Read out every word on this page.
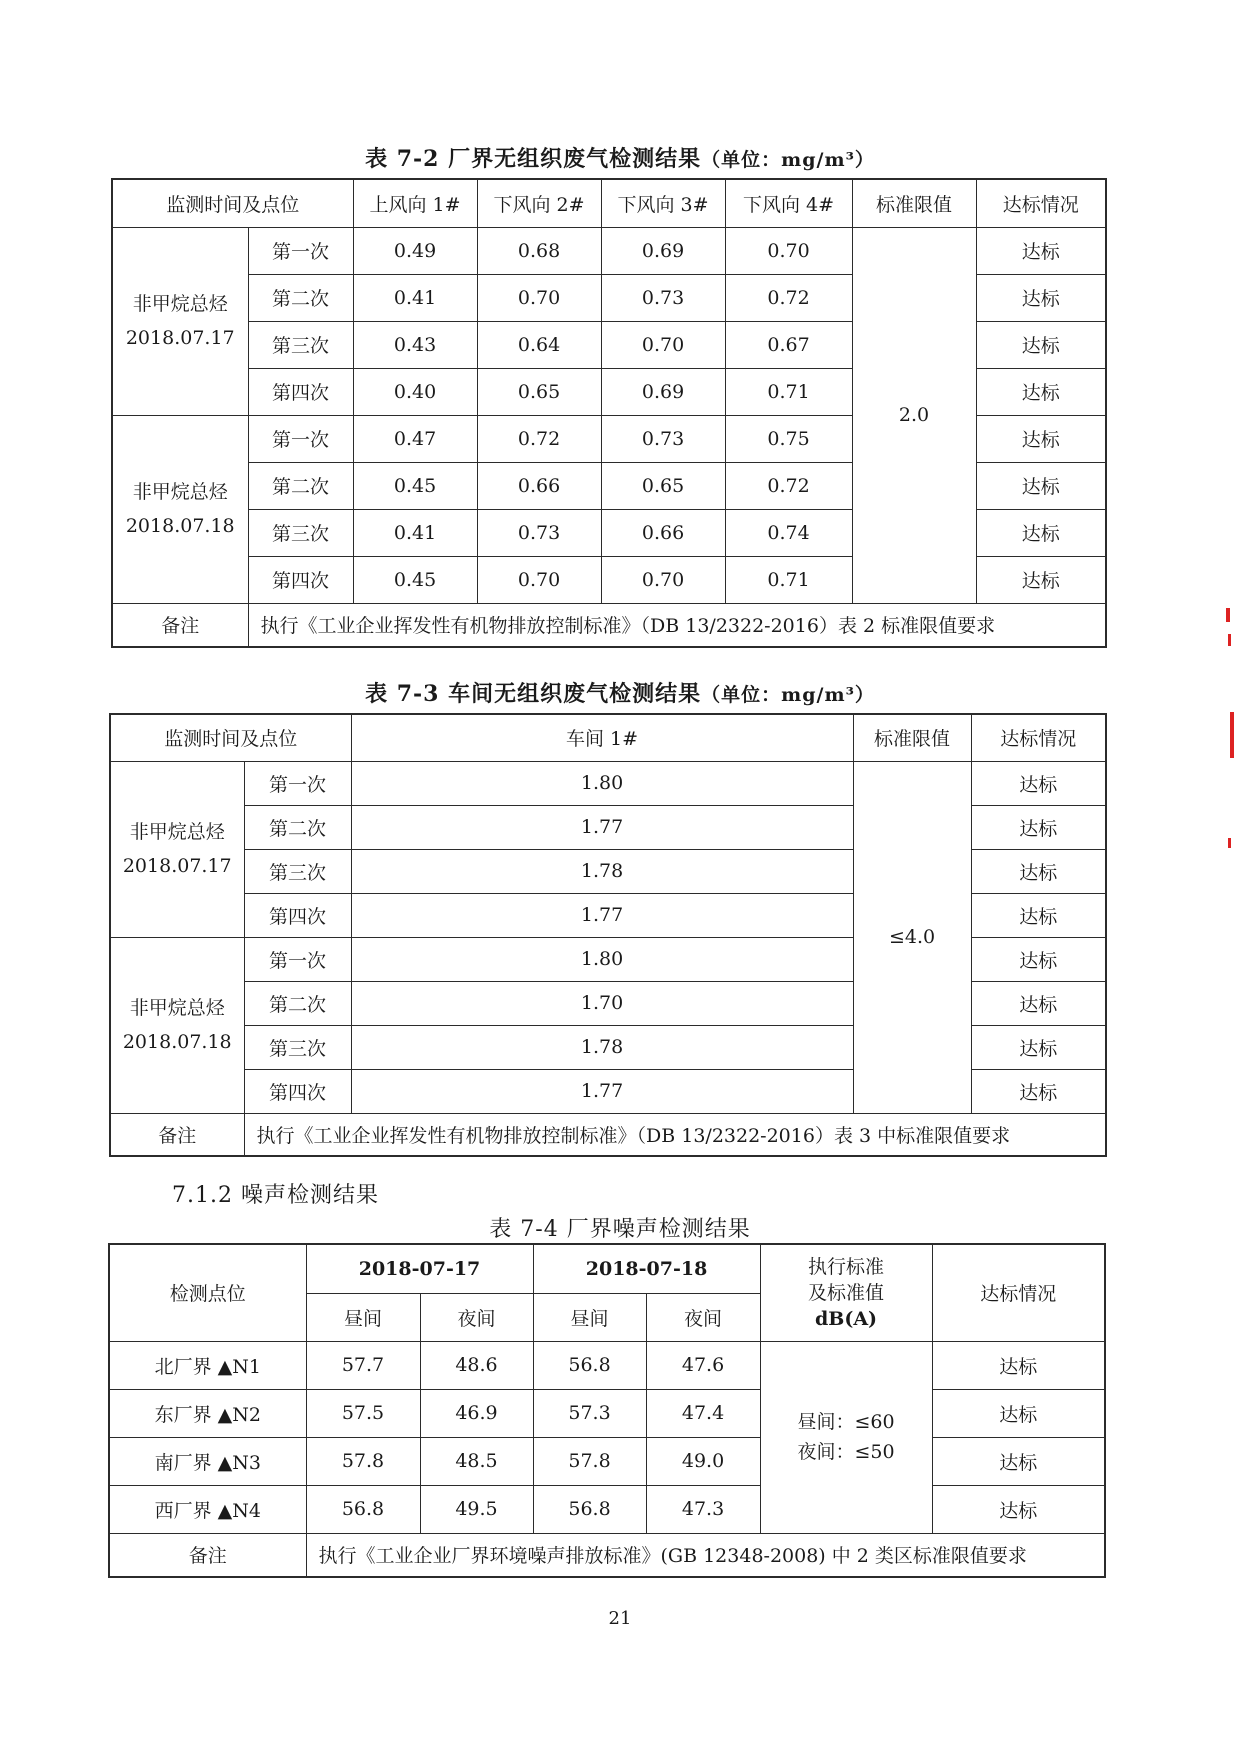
表 7-2 厂界无组织废气检测结果（单位：mg/m³）
监测时间及点位		上风向 1#	下风向 2#	下风向 3#	下风向 4#	标准限值	达标情况

非甲烷总烃
2018.07.17	第一次	0.49	0.68	0.69	0.70	2.0	达标
	第二次	0.41	0.70	0.73	0.72		达标
	第三次	0.43	0.64	0.70	0.67		达标
	第四次	0.40	0.65	0.69	0.71		达标

非甲烷总烃
2018.07.18	第一次	0.47	0.72	0.73	0.75		达标
	第二次	0.45	0.66	0.65	0.72		达标
	第三次	0.41	0.73	0.66	0.74		达标
	第四次	0.45	0.70	0.70	0.71		达标
备注	执行《工业企业挥发性有机物排放控制标准》（DB 13/2322-2016）表 2 标准限值要求						
表 7-3 车间无组织废气检测结果（单位：mg/m³）
监测时间及点位		车间 1#	标准限值	达标情况

非甲烷总烃
2018.07.17	第一次	1.80	≤4.0	达标
	第二次	1.77		达标
	第三次	1.78		达标
	第四次	1.77		达标

非甲烷总烃
2018.07.18	第一次	1.80		达标
	第二次	1.70		达标
	第三次	1.78		达标
	第四次	1.77		达标
备注	执行《工业企业挥发性有机物排放控制标准》（DB 13/2322-2016）表 3 中标准限值要求			
7.1.2 噪声检测结果
表 7-4 厂界噪声检测结果
检测点位	2018-07-17		2018-07-18		执行标准
及标准值
dB(A)	达标情况
	昼间	夜间	昼间	夜间		
北厂界 ▲N1	57.7	48.6	56.8	47.6	昼间：≤60
夜间：≤50	达标
东厂界 ▲N2	57.5	46.9	57.3	47.4		达标
南厂界 ▲N3	57.8	48.5	57.8	49.0		达标
西厂界 ▲N4	56.8	49.5	56.8	47.3		达标
备注	执行《工业企业厂界环境噪声排放标准》(GB 12348-2008) 中 2 类区标准限值要求					
21
